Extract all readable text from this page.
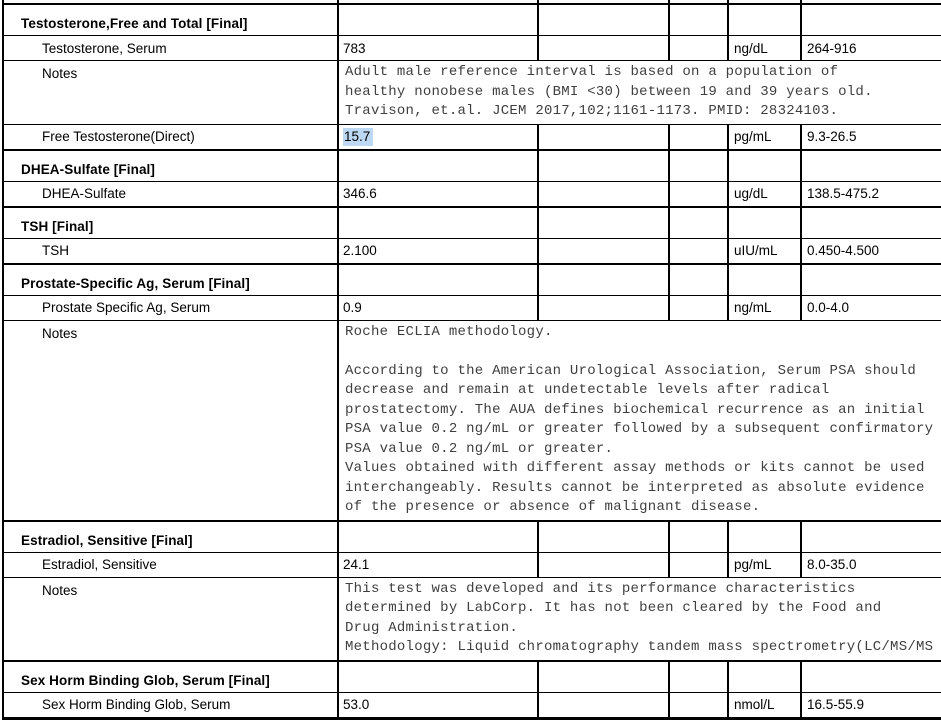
Testosterone,Free and Total [Final]
Testosterone, Serum	783	ng/dL	264-916
Notes	Adult male reference interval is based on a population of
healthy nonobese males (BMI <30) between 19 and 39 years old.
Travison, et.al. JCEM 2017,102;1161-1173. PMID: 28324103.
Free Testosterone(Direct)	15.7	pg/mL	9.3-26.5
DHEA-Sulfate [Final]
DHEA-Sulfate	346.6	ug/dL	138.5-475.2
TSH [Final]
TSH	2.100	uIU/mL	0.450-4.500
Prostate-Specific Ag, Serum [Final]
Prostate Specific Ag, Serum	0.9	ng/mL	0.0-4.0
Notes	Roche ECLIA methodology.
According to the American Urological Association, Serum PSA should
decrease and remain at undetectable levels after radical
prostatectomy. The AUA defines biochemical recurrence as an initial
PSA value 0.2 ng/mL or greater followed by a subsequent confirmatory
PSA value 0.2 ng/mL or greater.
Values obtained with different assay methods or kits cannot be used
interchangeably. Results cannot be interpreted as absolute evidence
of the presence or absence of malignant disease.
Estradiol, Sensitive [Final]
Estradiol, Sensitive	24.1	pg/mL	8.0-35.0
Notes	This test was developed and its performance characteristics
determined by LabCorp. It has not been cleared by the Food and
Drug Administration.
Methodology: Liquid chromatography tandem mass spectrometry(LC/MS/MS
Sex Horm Binding Glob, Serum [Final]
Sex Horm Binding Glob, Serum	53.0	nmol/L	16.5-55.9
